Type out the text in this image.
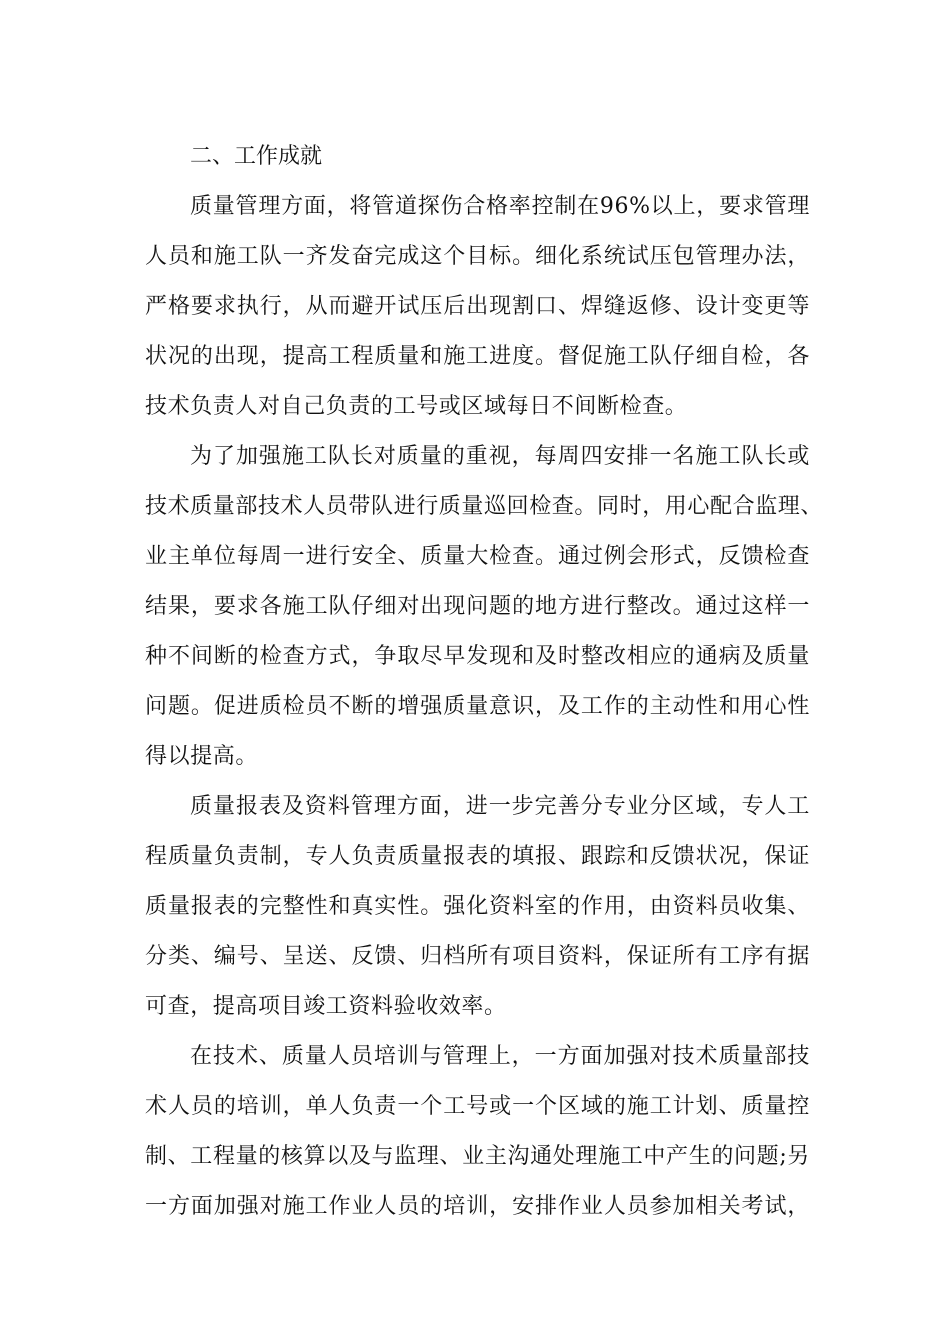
二、工作成就

质量管理方面，将管道探伤合格率控制在96%以上，要求管理
人员和施工队一齐发奋完成这个目标。细化系统试压包管理办法，
严格要求执行，从而避开试压后出现割口、焊缝返修、设计变更等
状况的出现，提高工程质量和施工进度。督促施工队仔细自检，各
技术负责人对自己负责的工号或区域每日不间断检查。

为了加强施工队长对质量的重视，每周四安排一名施工队长或
技术质量部技术人员带队进行质量巡回检查。同时，用心配合监理、
业主单位每周一进行安全、质量大检查。通过例会形式，反馈检查
结果，要求各施工队仔细对出现问题的地方进行整改。通过这样一
种不间断的检查方式，争取尽早发现和及时整改相应的通病及质量
问题。促进质检员不断的增强质量意识，及工作的主动性和用心性
得以提高。

质量报表及资料管理方面，进一步完善分专业分区域，专人工
程质量负责制，专人负责质量报表的填报、跟踪和反馈状况，保证
质量报表的完整性和真实性。强化资料室的作用，由资料员收集、
分类、编号、呈送、反馈、归档所有项目资料，保证所有工序有据
可查，提高项目竣工资料验收效率。

在技术、质量人员培训与管理上，一方面加强对技术质量部技
术人员的培训，单人负责一个工号或一个区域的施工计划、质量控
制、工程量的核算以及与监理、业主沟通处理施工中产生的问题;另
一方面加强对施工作业人员的培训，安排作业人员参加相关考试，
